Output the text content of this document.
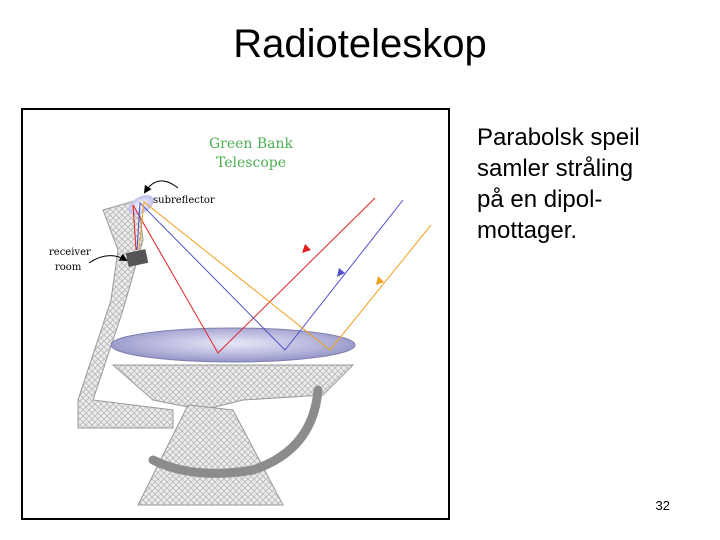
Radioteleskop
Green Bank
Telescope
subreflector
receiver
room
Parabolsk speil
samler stråling
på en dipol-
mottager.
32
